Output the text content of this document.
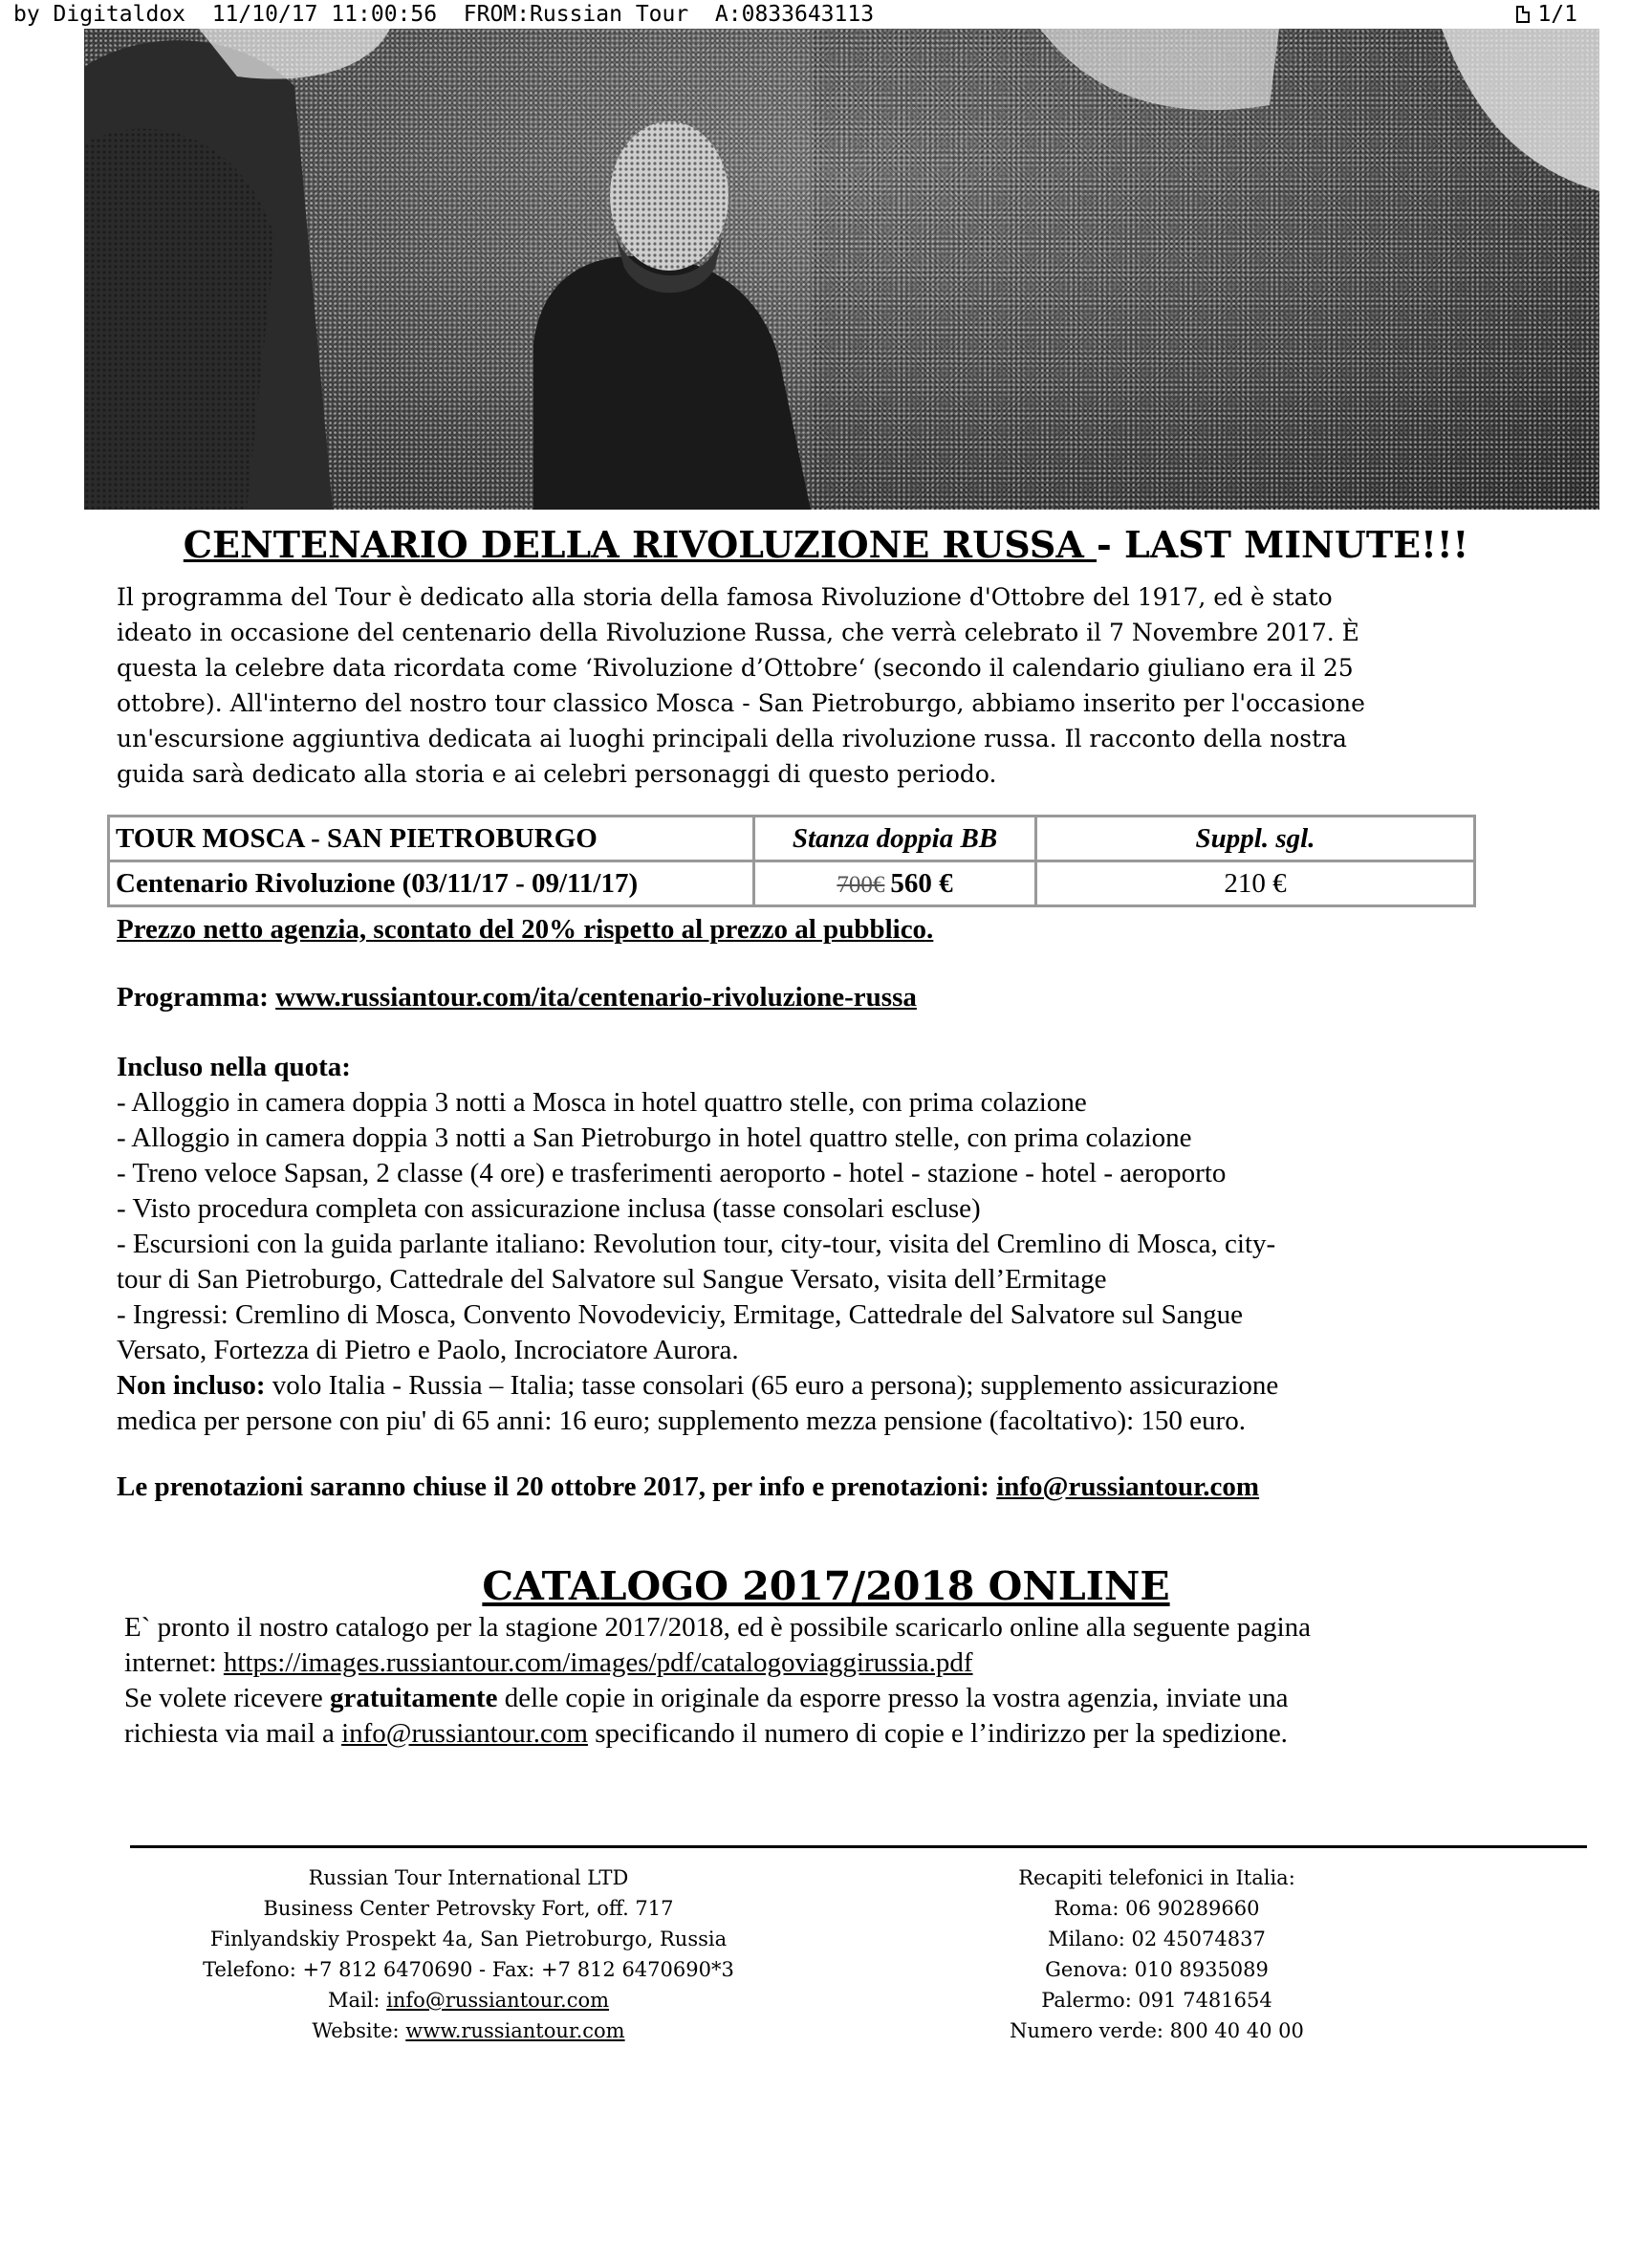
by Digitaldox  11/10/17 11:00:56  FROM:Russian Tour  A:0833643113	1/1
CENTENARIO DELLA RIVOLUZIONE RUSSA - LAST MINUTE!!!
Il programma del Tour è dedicato alla storia della famosa Rivoluzione d'Ottobre del 1917, ed è stato
ideato in occasione del centenario della Rivoluzione Russa, che verrà celebrato il 7 Novembre 2017. È
questa la celebre data ricordata come ‘Rivoluzione d’Ottobre‘ (secondo il calendario giuliano era il 25
ottobre). All'interno del nostro tour classico Mosca - San Pietroburgo, abbiamo inserito per l'occasione
un'escursione aggiuntiva dedicata ai luoghi principali della rivoluzione russa. Il racconto della nostra
guida sarà dedicato alla storia e ai celebri personaggi di questo periodo.
TOUR MOSCA - SAN PIETROBURGO	Stanza doppia BB	Suppl. sgl.
Centenario Rivoluzione (03/11/17 - 09/11/17)	700€ 560 €	210 €
Prezzo netto agenzia, scontato del 20% rispetto al prezzo al pubblico.
Programma: www.russiantour.com/ita/centenario-rivoluzione-russa
Incluso nella quota:
- Alloggio in camera doppia 3 notti a Mosca in hotel quattro stelle, con prima colazione
- Alloggio in camera doppia 3 notti a San Pietroburgo in hotel quattro stelle, con prima colazione
- Treno veloce Sapsan, 2 classe (4 ore) e trasferimenti aeroporto - hotel - stazione - hotel - aeroporto
- Visto procedura completa con assicurazione inclusa (tasse consolari escluse)
- Escursioni con la guida parlante italiano: Revolution tour, city-tour, visita del Cremlino di Mosca, city-
tour di San Pietroburgo, Cattedrale del Salvatore sul Sangue Versato, visita dell’Ermitage
- Ingressi: Cremlino di Mosca, Convento Novodeviciy, Ermitage, Cattedrale del Salvatore sul Sangue
Versato, Fortezza di Pietro e Paolo, Incrociatore Aurora.
Non incluso: volo Italia - Russia – Italia; tasse consolari (65 euro a persona); supplemento assicurazione
medica per persone con piu' di 65 anni: 16 euro; supplemento mezza pensione (facoltativo): 150 euro.
Le prenotazioni saranno chiuse il 20 ottobre 2017, per info e prenotazioni: info@russiantour.com
CATALOGO 2017/2018 ONLINE
E` pronto il nostro catalogo per la stagione 2017/2018, ed è possibile scaricarlo online alla seguente pagina
internet: https://images.russiantour.com/images/pdf/catalogoviaggirussia.pdf
Se volete ricevere gratuitamente delle copie in originale da esporre presso la vostra agenzia, inviate una
richiesta via mail a info@russiantour.com specificando il numero di copie e l’indirizzo per la spedizione.
Russian Tour International LTD
Business Center Petrovsky Fort, off. 717
Finlyandskiy Prospekt 4a, San Pietroburgo, Russia
Telefono: +7 812 6470690 - Fax: +7 812 6470690*3
Mail: info@russiantour.com
Website: www.russiantour.com
Recapiti telefonici in Italia:
Roma: 06 90289660
Milano: 02 45074837
Genova: 010 8935089
Palermo: 091 7481654
Numero verde: 800 40 40 00
